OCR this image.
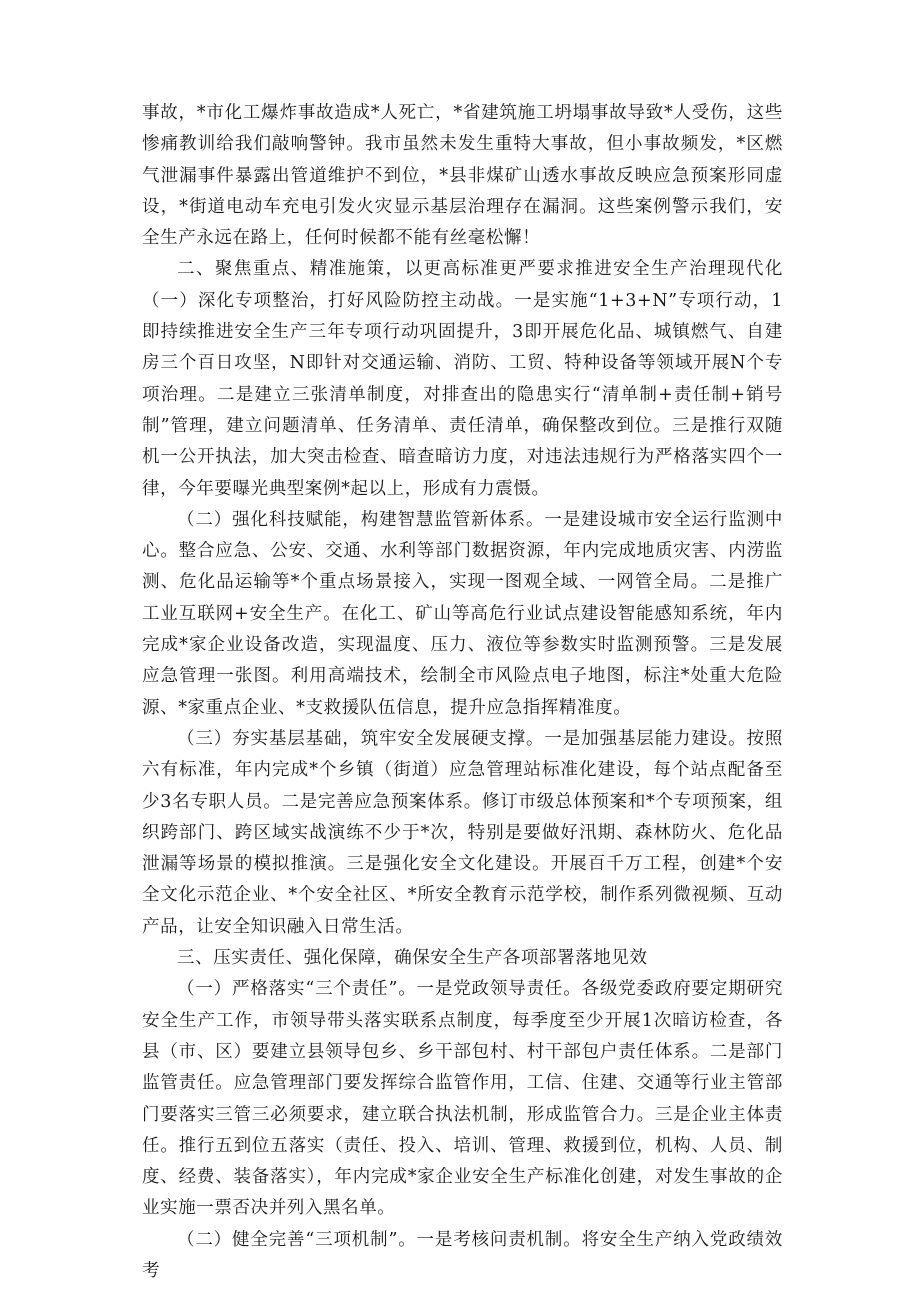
事故，*市化工爆炸事故造成*人死亡，*省建筑施工坍塌事故导致*人受伤，这些惨痛教训给我们敲响警钟。我市虽然未发生重特大事故，但小事故频发，*区燃气泄漏事件暴露出管道维护不到位，*县非煤矿山透水事故反映应急预案形同虚设，*街道电动车充电引发火灾显示基层治理存在漏洞。这些案例警示我们，安全生产永远在路上，任何时候都不能有丝毫松懈！

二、聚焦重点、精准施策，以更高标准更严要求推进安全生产治理现代化（一）深化专项整治，打好风险防控主动战。一是实施“1+3+N”专项行动，1即持续推进安全生产三年专项行动巩固提升，3即开展危化品、城镇燃气、自建房三个百日攻坚，N即针对交通运输、消防、工贸、特种设备等领域开展N个专项治理。二是建立三张清单制度，对排查出的隐患实行“清单制+责任制+销号制”管理，建立问题清单、任务清单、责任清单，确保整改到位。三是推行双随机一公开执法，加大突击检查、暗查暗访力度，对违法违规行为严格落实四个一律，今年要曝光典型案例*起以上，形成有力震慑。

（二）强化科技赋能，构建智慧监管新体系。一是建设城市安全运行监测中心。整合应急、公安、交通、水利等部门数据资源，年内完成地质灾害、内涝监测、危化品运输等*个重点场景接入，实现一图观全域、一网管全局。二是推广工业互联网+安全生产。在化工、矿山等高危行业试点建设智能感知系统，年内完成*家企业设备改造，实现温度、压力、液位等参数实时监测预警。三是发展应急管理一张图。利用高端技术，绘制全市风险点电子地图，标注*处重大危险源、*家重点企业、*支救援队伍信息，提升应急指挥精准度。

（三）夯实基层基础，筑牢安全发展硬支撑。一是加强基层能力建设。按照六有标准，年内完成*个乡镇（街道）应急管理站标准化建设，每个站点配备至少3名专职人员。二是完善应急预案体系。修订市级总体预案和*个专项预案，组织跨部门、跨区域实战演练不少于*次，特别是要做好汛期、森林防火、危化品泄漏等场景的模拟推演。三是强化安全文化建设。开展百千万工程，创建*个安全文化示范企业、*个安全社区、*所安全教育示范学校，制作系列微视频、互动产品，让安全知识融入日常生活。

三、压实责任、强化保障，确保安全生产各项部署落地见效

（一）严格落实“三个责任”。一是党政领导责任。各级党委政府要定期研究安全生产工作，市领导带头落实联系点制度，每季度至少开展1次暗访检查，各县（市、区）要建立县领导包乡、乡干部包村、村干部包户责任体系。二是部门监管责任。应急管理部门要发挥综合监管作用，工信、住建、交通等行业主管部门要落实三管三必须要求，建立联合执法机制，形成监管合力。三是企业主体责任。推行五到位五落实（责任、投入、培训、管理、救援到位，机构、人员、制度、经费、装备落实），年内完成*家企业安全生产标准化创建，对发生事故的企业实施一票否决并列入黑名单。

（二）健全完善“三项机制”。一是考核问责机制。将安全生产纳入党政绩效考
